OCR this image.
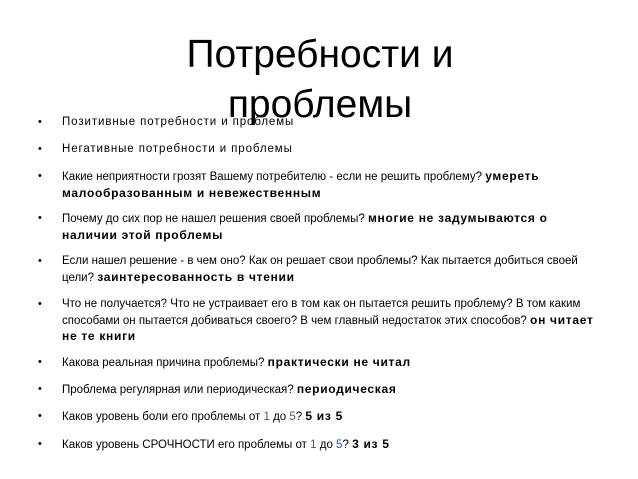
Потребности и проблемы
• Позитивные потребности и проблемы
• Негативные потребности и проблемы
• Какие неприятности грозят Вашему потребителю - если не решить проблему? умереть малообразованным и невежественным
• Почему до сих пор не нашел решения своей проблемы? многие не задумываются о наличии этой проблемы
• Если нашел решение - в чем оно? Как он решает свои проблемы? Как пытается добиться своей цели? заинтересованность в чтении
• Что не получается? Что не устраивает его в том как он пытается решить проблему? В том каким способами он пытается добиваться своего? В чем главный недостаток этих способов? он читает не те книги
• Какова реальная причина проблемы? практически не читал
• Проблема регулярная или периодическая? периодическая
• Каков уровень боли его проблемы от 1 до 5? 5 из 5
• Каков уровень СРОЧНОСТИ его проблемы от 1 до 5? 3 из 5
